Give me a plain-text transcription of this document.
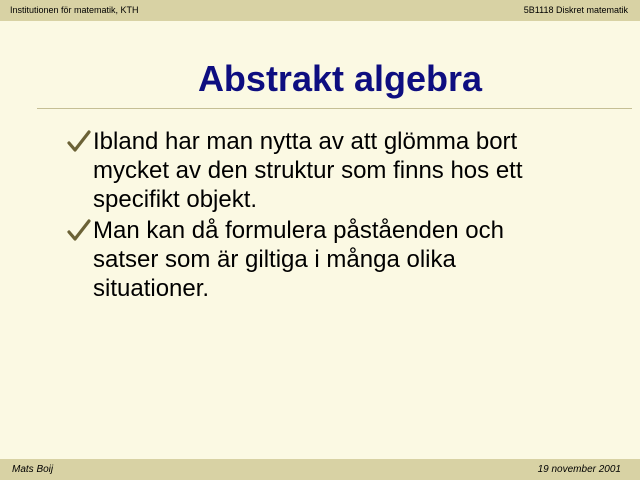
Institutionen för matematik, KTH	5B1118 Diskret matematik
Abstrakt algebra
Ibland har man nytta av att glömma bort
mycket av den struktur som finns hos ett
specifikt objekt.
Man kan då formulera påståenden och
satser som är giltiga i många olika
situationer.
Mats Boij	19 november 2001
